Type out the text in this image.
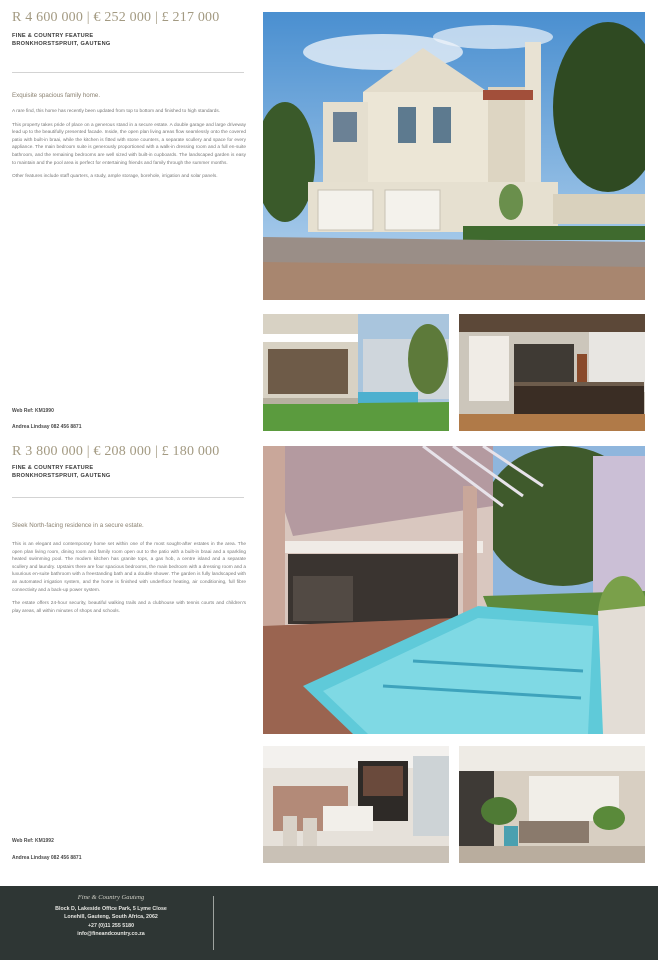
R 4 600 000 | € 252 000 | £ 217 000
FINE & COUNTRY FEATURE
BRONKHORSTSPRUIT, GAUTENG
Exquisite spacious family home.

A rare find, this home has recently been updated from top to bottom and finished to high standards.

This property takes pride of place on a generous stand in a secure estate. A double garage and large driveway lead up to the beautifully presented facade. Inside, the open plan living areas flow seamlessly onto the covered patio with built-in braai, while the kitchen is fitted with stone counters, a separate scullery and space for every appliance. The main bedroom suite is generously proportioned with a walk-in dressing room and a full en-suite bathroom, and the remaining bedrooms are well sized with built-in cupboards. The landscaped garden is easy to maintain and the pool area is perfect for entertaining friends and family through the summer months.

Other features include staff quarters, a study, ample storage, borehole, irrigation and solar panels.

Web Ref: KM1990
Andrea Lindsay 082 456 8871
R 3 800 000 | € 208 000 | £ 180 000
FINE & COUNTRY FEATURE
BRONKHORSTSPRUIT, GAUTENG
Sleek North-facing residence in a secure estate.

This is an elegant and contemporary home set within one of the most sought-after estates in the area. The open plan living room, dining room and family room open out to the patio with a built-in braai and a sparkling heated swimming pool. The modern kitchen has granite tops, a gas hob, a centre island and a separate scullery and laundry. Upstairs there are four spacious bedrooms, the main bedroom with a dressing room and a luxurious en-suite bathroom with a freestanding bath and a double shower. The garden is fully landscaped with an automated irrigation system, and the home is finished with underfloor heating, air conditioning, full fibre connectivity and a back-up power system.

The estate offers 24-hour security, beautiful walking trails and a clubhouse with tennis courts and children's play areas, all within minutes of shops and schools.

Web Ref: KM1992
Andrea Lindsay 082 456 8871
Fine & Country Gauteng
Block D, Lakeside Office Park, 5 Lyme Close
Lonehill, Gauteng, South Africa, 2062
+27 (0)11 255 5180
info@fineandcountry.co.za
